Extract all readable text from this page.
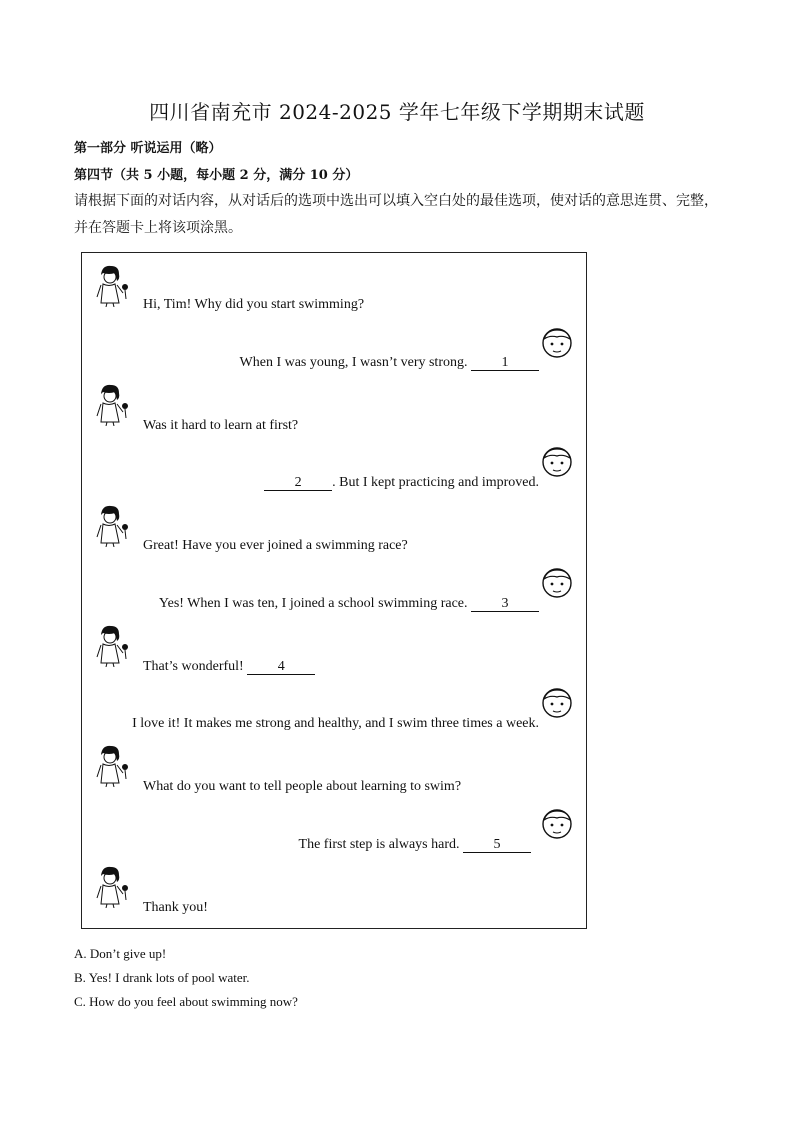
四川省南充市 2024-2025 学年七年级下学期期末试题
第一部分 听说运用（略）
第四节（共 5 小题，每小题 2 分，满分 10 分）
请根据下面的对话内容，从对话后的选项中选出可以填入空白处的最佳选项，使对话的意思连贯、完整，并在答题卡上将该项涂黑。
Hi, Tim! Why did you start swimming?
When I was young, I wasn’t very strong. 1
Was it hard to learn at first?
2 . But I kept practicing and improved.
Great! Have you ever joined a swimming race?
Yes! When I was ten, I joined a school swimming race. 3
That’s wonderful! 4
I love it! It makes me strong and healthy, and I swim three times a week.
What do you want to tell people about learning to swim?
The first step is always hard. 5
Thank you!
A. Don’t give up!
B. Yes! I drank lots of pool water.
C. How do you feel about swimming now?
